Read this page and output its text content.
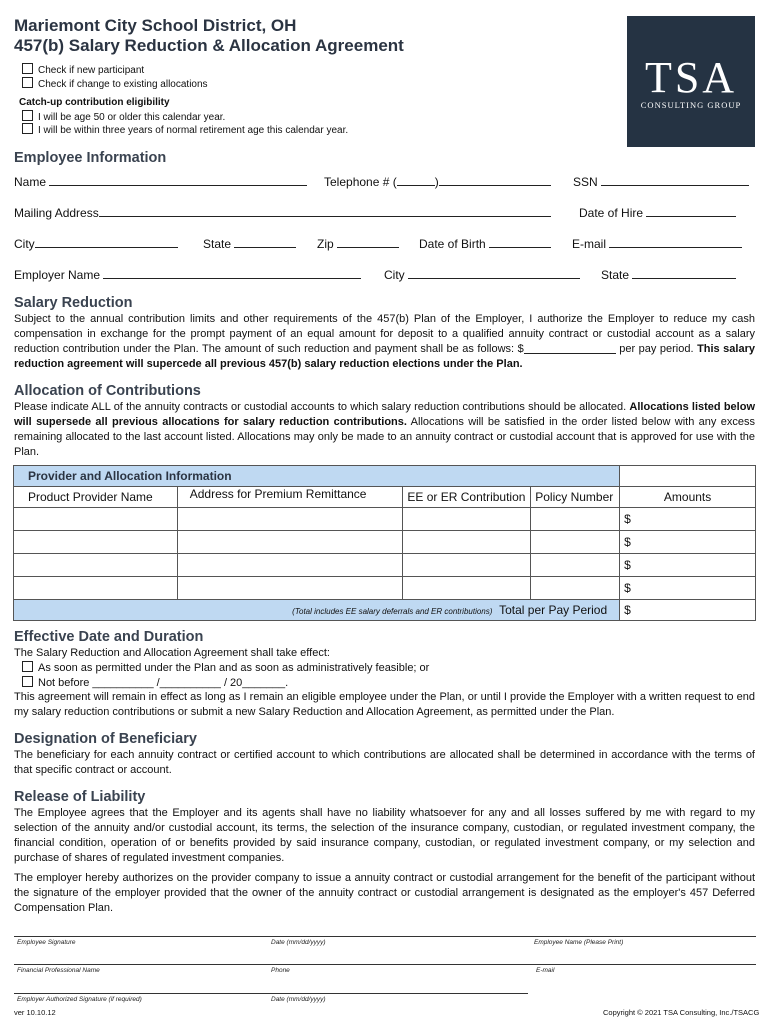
Mariemont City School District, OH
457(b) Salary Reduction & Allocation Agreement
Check if new participant
Check if change to existing allocations
Catch-up contribution eligibility
I will be age 50 or older this calendar year.
I will be within three years of normal retirement age this calendar year.
TSA
CONSULTING GROUP
Employee Information
Name	Telephone # (	)	SSN
Mailing Address	Date of Hire
City	State	Zip	Date of Birth	E-mail
Employer Name	City	State
Salary Reduction
Subject to the annual contribution limits and other requirements of the 457(b) Plan of the Employer, I authorize the Employer to reduce my cash compensation in exchange for the prompt payment of an equal amount for deposit to a qualified annuity contract or custodial account as a salary reduction contribution under the Plan. The amount of such reduction and payment shall be as follows: $	per pay period. This salary reduction agreement will supercede all previous 457(b) salary reduction elections under the Plan.
Allocation of Contributions
Please indicate ALL of the annuity contracts or custodial accounts to which salary reduction contributions should be allocated. Allocations listed below will supersede all previous allocations for salary reduction contributions. Allocations will be satisfied in the order listed below with any excess remaining allocated to the last account listed. Allocations may only be made to an annuity contract or custodial account that is approved for use with the Plan.
Provider and Allocation Information				
Product Provider Name	Address for Premium Remittance	EE or ER Contribution	Policy Number	Amounts
				$
				$
				$
				$
(Total includes EE salary deferrals and ER contributions) Total per Pay Period				$
Effective Date and Duration
The Salary Reduction and Allocation Agreement shall take effect:
As soon as permitted under the Plan and as soon as administratively feasible; or
Not before __________ /__________ / 20_______.
This agreement will remain in effect as long as I remain an eligible employee under the Plan, or until I provide the Employer with a written request to end my salary reduction contributions or submit a new Salary Reduction and Allocation Agreement, as permitted under the Plan.
Designation of Beneficiary
The beneficiary for each annuity contract or certified account to which contributions are allocated shall be determined in accordance with the terms of that specific contract or account.
Release of Liability
The Employee agrees that the Employer and its agents shall have no liability whatsoever for any and all losses suffered by me with regard to my selection of the annuity and/or custodial account, its terms, the selection of the insurance company, custodian, or regulated investment company, the financial condition, operation of or benefits provided by said insurance company, custodian, or regulated investment company, or my selection and purchase of shares of regulated investment companies.
The employer hereby authorizes on the provider company to issue a annuity contract or custodial arrangement for the benefit of the participant without the signature of the employer provided that the owner of the annuity contract or custodial arrangement is designated as the employer's 457 Deferred Compensation Plan.
Employee Signature	Date (mm/dd/yyyy)	Employee Name (Please Print)
Financial Professional Name	Phone	E-mail
Employer Authorized Signature (if required)	Date (mm/dd/yyyy)
ver 10.10.12	Copyright © 2021 TSA Consulting, Inc./TSACG
